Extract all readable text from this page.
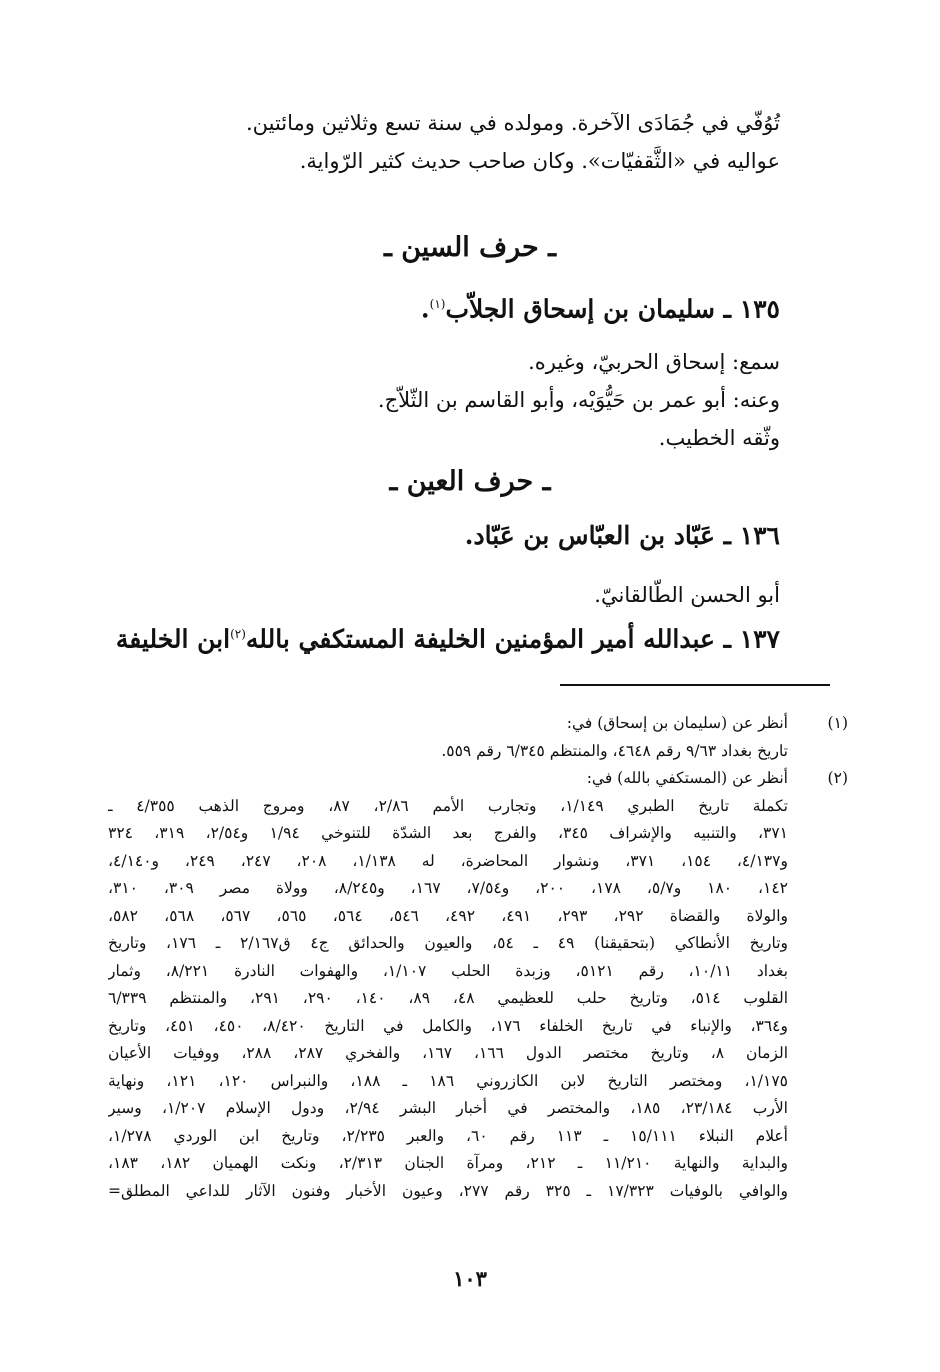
تُوُفّي في جُمَادَى الآخرة. ومولده في سنة تسع وثلاثين ومائتين.
عواليه في «الثَّقفيّات». وكان صاحب حديث كثير الرّواية.
ـ حرف السين ـ
١٣٥ ـ سليمان بن إسحاق الجلاّب$^{(١)}$.
سمع: إسحاق الحربيّ، وغيره.
وعنه: أبو عمر بن حَيُّوَيْه، وأبو القاسم بن الثّلاّج.
وثّقه الخطيب.
ـ حرف العين ـ
١٣٦ ـ عَبّاد بن العبّاس بن عَبّاد.
أبو الحسن الطّالقانيّ.
١٣٧ ـ عبدالله أمير المؤمنين الخليفة المستكفي بالله$^{(٢)}$ابن الخليفة
(١)
أنظر عن (سليمان بن إسحاق) في:
تاريخ بغداد ٩/٦٣ رقم ٤٦٤٨، والمنتظم ٦/٣٤٥ رقم ٥٥٩.
(٢)
أنظر عن (المستكفي بالله) في:
تكملة تاريخ الطبري ١/١٤٩، وتجارب الأمم ٢/٨٦، ٨٧، ومروج الذهب ٤/٣٥٥ ـ
٣٧١، والتنبيه والإشراف ٣٤٥، والفرج بعد الشدّة للتنوخي ١/٩٤ و٢/٥٤، ٣١٩، ٣٢٤
و٤/١٣٧، ١٥٤، ٣٧١، ونشوار المحاضرة، له ١/١٣٨، ٢٠٨، ٢٤٧، ٢٤٩، و٤/١٤٠،
١٤٢، ١٨٠ و٥/٧، ١٧٨، ٢٠٠، و٧/٥٤، ١٦٧، و٨/٢٤٥، وولاة مصر ٣٠٩، ٣١٠،
والولاة والقضاة ٢٩٢، ٢٩٣، ٤٩١، ٤٩٢، ٥٤٦، ٥٦٤، ٥٦٥، ٥٦٧، ٥٦٨، ٥٨٢،
وتاريخ الأنطاكي (بتحقيقنا) ٤٩ ـ ٥٤، والعيون والحدائق ج٤ ق٢/١٦٧ ـ ١٧٦، وتاريخ
بغداد ١٠/١١، رقم ٥١٢١، وزبدة الحلب ١/١٠٧، والهفوات النادرة ٨/٢٢١، وثمار
القلوب ٥١٤، وتاريخ حلب للعظيمي ٤٨، ٨٩، ١٤٠، ٢٩٠، ٢٩١، والمنتظم ٦/٣٣٩
و٣٦٤، والإنباء في تاريخ الخلفاء ١٧٦، والكامل في التاريخ ٨/٤٢٠، ٤٥٠، ٤٥١، وتاريخ
الزمان ٨، وتاريخ مختصر الدول ١٦٦، ١٦٧، والفخري ٢٨٧، ٢٨٨، ووفيات الأعيان
١/١٧٥، ومختصر التاريخ لابن الكازروني ١٨٦ ـ ١٨٨، والنبراس ١٢٠، ١٢١، ونهاية
الأرب ٢٣/١٨٤، ١٨٥، والمختصر في أخبار البشر ٢/٩٤، ودول الإسلام ١/٢٠٧، وسير
أعلام النبلاء ١٥/١١١ ـ ١١٣ رقم ٦٠، والعبر ٢/٢٣٥، وتاريخ ابن الوردي ١/٢٧٨،
والبداية والنهاية ١١/٢١٠ ـ ٢١٢، ومرآة الجنان ٢/٣١٣، ونكت الهميان ١٨٢، ١٨٣،
والوافي بالوفيات ١٧/٣٢٣ ـ ٣٢٥ رقم ٢٧٧، وعيون الأخبار وفنون الآثار للداعي المطلق=
١٠٣
